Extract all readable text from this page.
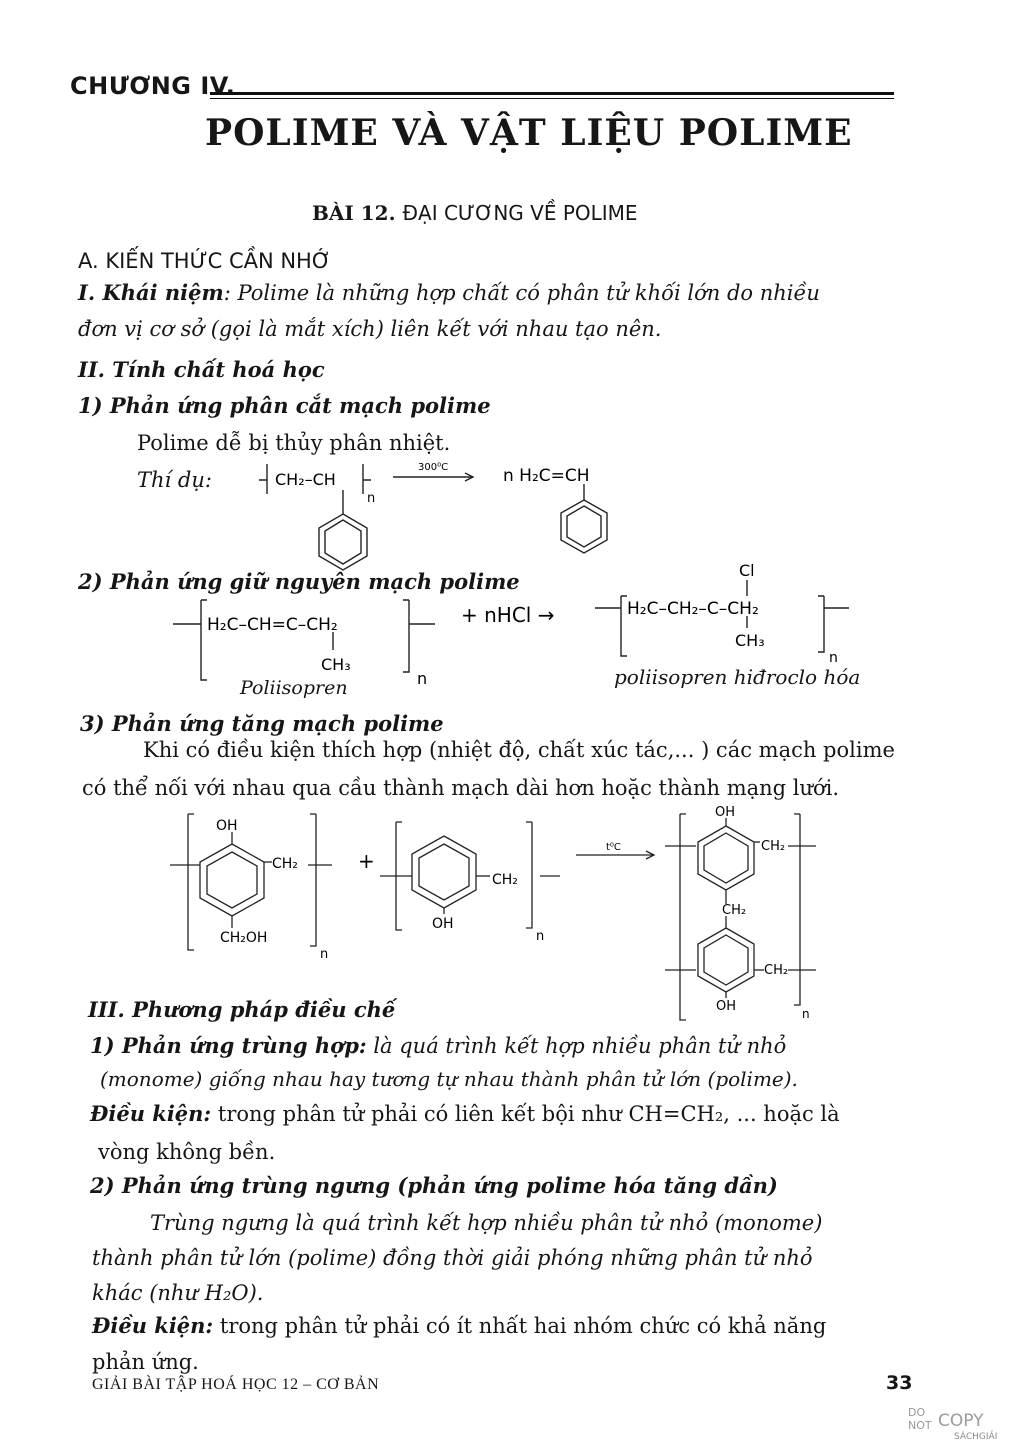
CHƯƠNG IV.
POLIME VÀ VẬT LIỆU POLIME
BÀI 12. ĐẠI CƯƠNG VỀ POLIME
A. KIẾN THỨC CẦN NHỚ
I. Khái niệm: Polime là những hợp chất có phân tử khối lớn do nhiều
đơn vị cơ sở (gọi là mắt xích) liên kết với nhau tạo nên.
II. Tính chất hoá học
1) Phản ứng phân cắt mạch polime
Polime dễ bị thủy phân nhiệt.
Thí dụ:	CH₂–CH
n
300⁰C	n H₂C=CH
2) Phản ứng giữ nguyên mạch polime
H₂C–CH=C–CH₂
CH₃
n
+ nHCl →
Cl
H₂C–CH₂–C–CH₂
CH₃
n
Poliisopren	poliisopren hiđroclo hóa
3) Phản ứng tăng mạch polime
Khi có điều kiện thích hợp (nhiệt độ, chất xúc tác,... ) các mạch polime
có thể nối với nhau qua cầu thành mạch dài hơn hoặc thành mạng lưới.
OH
CH₂
CH₂OH
n
+
CH₂
OH
n
t⁰C
OH
CH₂
CH₂
CH₂
OH	n
III. Phương pháp điều chế
1) Phản ứng trùng hợp: là quá trình kết hợp nhiều phân tử nhỏ
(monome) giống nhau hay tương tự nhau thành phân tử lớn (polime).
Điều kiện: trong phân tử phải có liên kết bội như CH=CH₂, ... hoặc là
vòng không bền.
2) Phản ứng trùng ngưng (phản ứng polime hóa tăng dần)
Trùng ngưng là quá trình kết hợp nhiều phân tử nhỏ (monome)
thành phân tử lớn (polime) đồng thời giải phóng những phân tử nhỏ
khác (như H₂O).
Điều kiện: trong phân tử phải có ít nhất hai nhóm chức có khả năng
phản ứng.
GIẢI BÀI TẬP HOÁ HỌC 12 – CƠ BẢN	33
DO
NOT COPY
SÁCHGIẢI
